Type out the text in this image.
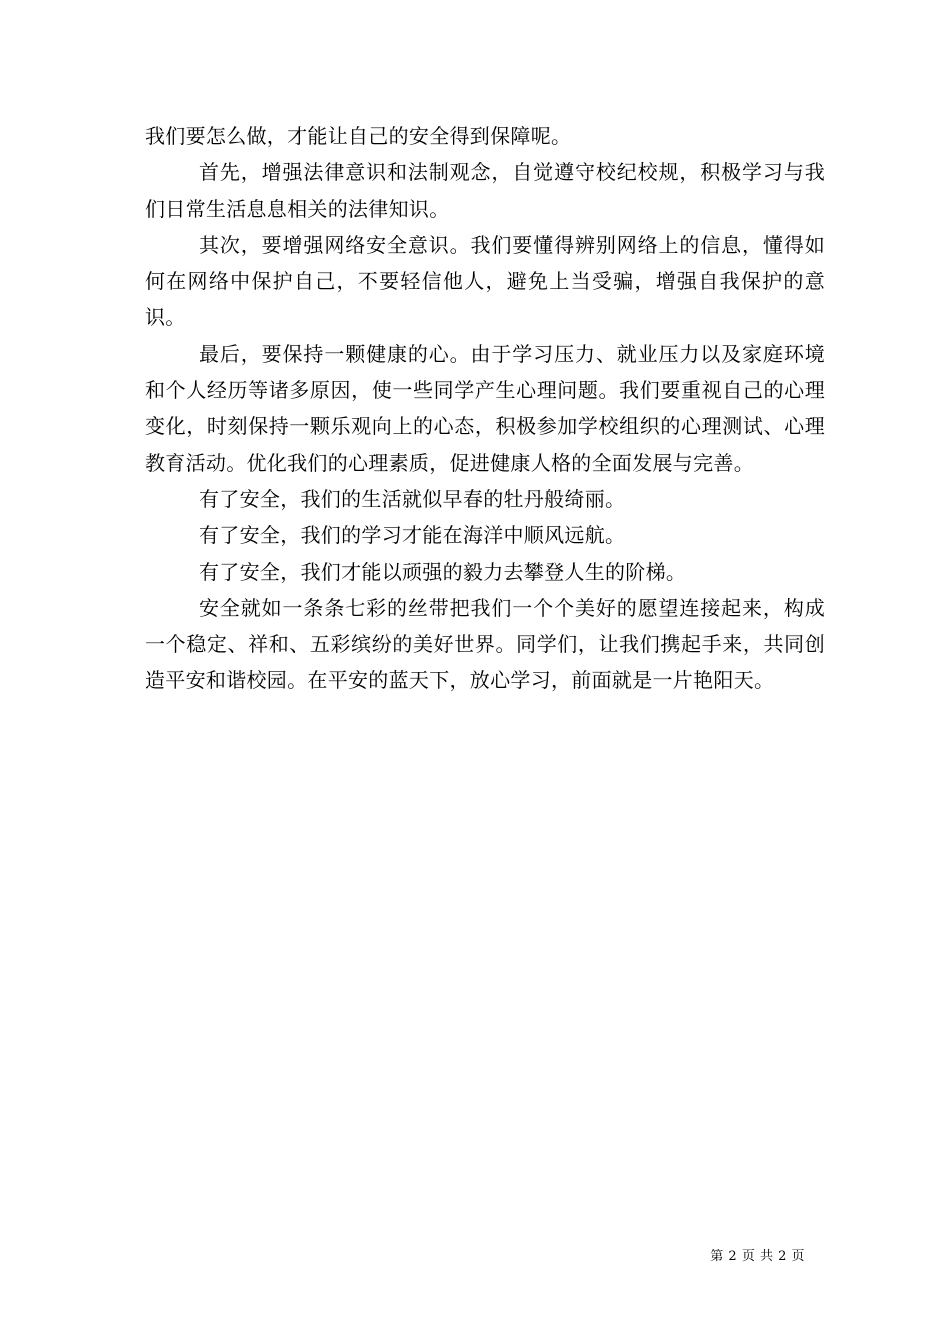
我们要怎么做，才能让自己的安全得到保障呢。

首先，增强法律意识和法制观念，自觉遵守校纪校规，积极学习与我们日常生活息息相关的法律知识。

其次，要增强网络安全意识。我们要懂得辨别网络上的信息，懂得如何在网络中保护自己，不要轻信他人，避免上当受骗，增强自我保护的意识。

最后，要保持一颗健康的心。由于学习压力、就业压力以及家庭环境和个人经历等诸多原因，使一些同学产生心理问题。我们要重视自己的心理变化，时刻保持一颗乐观向上的心态，积极参加学校组织的心理测试、心理教育活动。优化我们的心理素质，促进健康人格的全面发展与完善。

有了安全，我们的生活就似早春的牡丹般绮丽。

有了安全，我们的学习才能在海洋中顺风远航。

有了安全，我们才能以顽强的毅力去攀登人生的阶梯。

安全就如一条条七彩的丝带把我们一个个美好的愿望连接起来，构成一个稳定、祥和、五彩缤纷的美好世界。同学们，让我们携起手来，共同创造平安和谐校园。在平安的蓝天下，放心学习，前面就是一片艳阳天。

第 2 页 共 2 页
